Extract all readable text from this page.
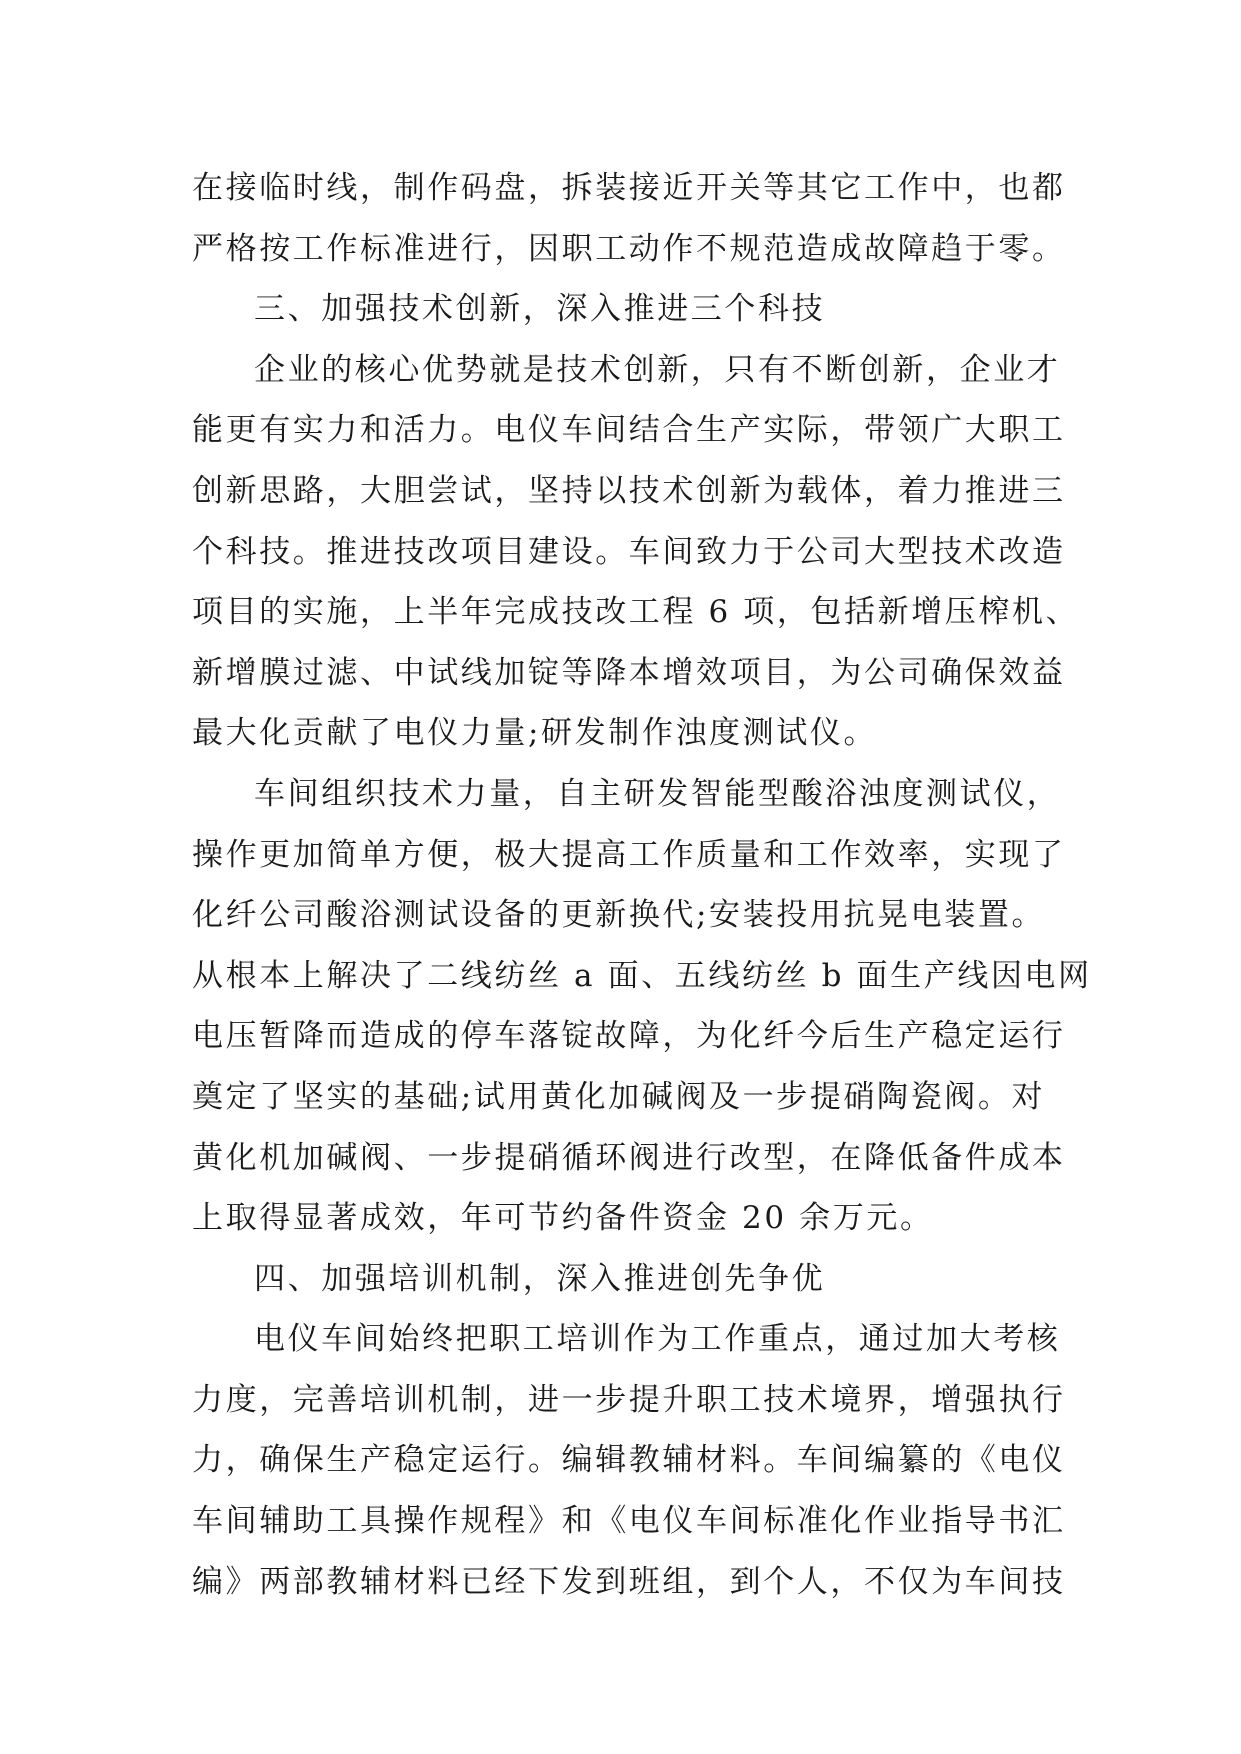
在接临时线，制作码盘，拆装接近开关等其它工作中，也都
严格按工作标准进行，因职工动作不规范造成故障趋于零。
三、加强技术创新，深入推进三个科技
企业的核心优势就是技术创新，只有不断创新，企业才
能更有实力和活力。电仪车间结合生产实际，带领广大职工
创新思路，大胆尝试，坚持以技术创新为载体，着力推进三
个科技。推进技改项目建设。车间致力于公司大型技术改造
项目的实施，上半年完成技改工程 6 项，包括新增压榨机、
新增膜过滤、中试线加锭等降本增效项目，为公司确保效益
最大化贡献了电仪力量;研发制作浊度测试仪。
车间组织技术力量，自主研发智能型酸浴浊度测试仪，
操作更加简单方便，极大提高工作质量和工作效率，实现了
化纤公司酸浴测试设备的更新换代;安装投用抗晃电装置。
从根本上解决了二线纺丝 a 面、五线纺丝 b 面生产线因电网
电压暂降而造成的停车落锭故障，为化纤今后生产稳定运行
奠定了坚实的基础;试用黄化加碱阀及一步提硝陶瓷阀。对
黄化机加碱阀、一步提硝循环阀进行改型，在降低备件成本
上取得显著成效，年可节约备件资金 20 余万元。
四、加强培训机制，深入推进创先争优
电仪车间始终把职工培训作为工作重点，通过加大考核
力度，完善培训机制，进一步提升职工技术境界，增强执行
力，确保生产稳定运行。编辑教辅材料。车间编纂的《电仪
车间辅助工具操作规程》和《电仪车间标准化作业指导书汇
编》两部教辅材料已经下发到班组，到个人，不仅为车间技
